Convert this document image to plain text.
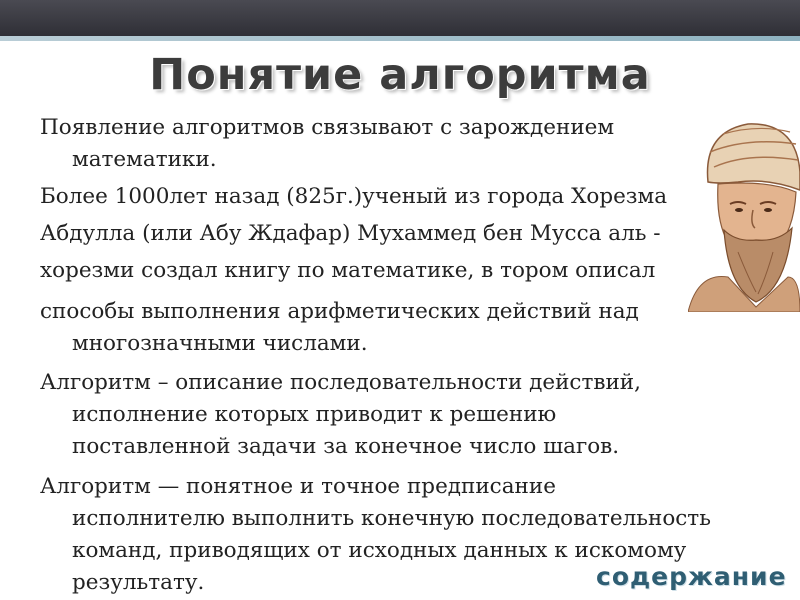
Понятие алгоритма
Появление алгоритмов связывают с зарождением
математики.
Более 1000лет назад (825г.)ученый из города Хорезма
Абдулла (или Абу Ждафар) Мухаммед бен Мусса аль -
хорезми создал книгу по математике, в тором описал
способы выполнения арифметических действий над
многозначными числами.
Алгоритм – описание последовательности действий,
исполнение которых приводит к решению
поставленной задачи за конечное число шагов.
Алгоритм — понятное и точное предписание
исполнителю выполнить конечную последовательность
команд, приводящих от исходных данных к искомому
результату.	содержание
